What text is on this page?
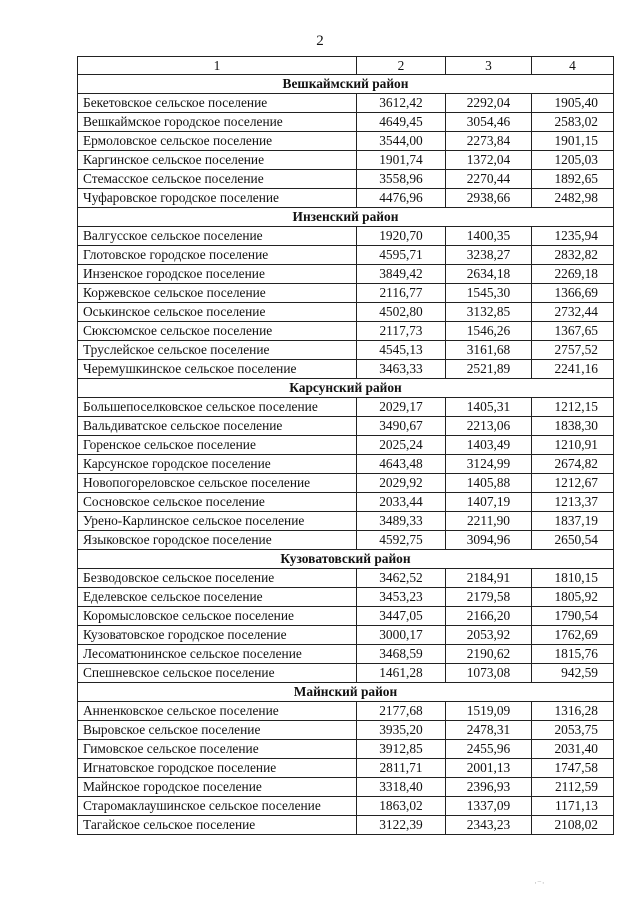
2
1	2	3	4
Вешкаймский район			
Бекетовское сельское поселение	3612,42	2292,04	1905,40
Вешкаймское городское поселение	4649,45	3054,46	2583,02
Ермоловское сельское поселение	3544,00	2273,84	1901,15
Каргинское сельское поселение	1901,74	1372,04	1205,03
Стемасское сельское поселение	3558,96	2270,44	1892,65
Чуфаровское городское поселение	4476,96	2938,66	2482,98
Инзенский район			
Валгусское сельское поселение	1920,70	1400,35	1235,94
Глотовское городское поселение	4595,71	3238,27	2832,82
Инзенское городское поселение	3849,42	2634,18	2269,18
Коржевское сельское поселение	2116,77	1545,30	1366,69
Оськинское сельское поселение	4502,80	3132,85	2732,44
Сюксюмское сельское поселение	2117,73	1546,26	1367,65
Труслейское сельское поселение	4545,13	3161,68	2757,52
Черемушкинское сельское поселение	3463,33	2521,89	2241,16
Карсунский район			
Большепоселковское сельское поселение	2029,17	1405,31	1212,15
Вальдиватское сельское поселение	3490,67	2213,06	1838,30
Горенское сельское поселение	2025,24	1403,49	1210,91
Карсунское городское поселение	4643,48	3124,99	2674,82
Новопогореловское сельское поселение	2029,92	1405,88	1212,67
Сосновское сельское поселение	2033,44	1407,19	1213,37
Урено-Карлинское сельское поселение	3489,33	2211,90	1837,19
Языковское городское поселение	4592,75	3094,96	2650,54
Кузоватовский район			
Безводовское сельское поселение	3462,52	2184,91	1810,15
Еделевское сельское поселение	3453,23	2179,58	1805,92
Коромысловское сельское поселение	3447,05	2166,20	1790,54
Кузоватовское городское поселение	3000,17	2053,92	1762,69
Лесоматюнинское сельское поселение	3468,59	2190,62	1815,76
Спешневское сельское поселение	1461,28	1073,08	942,59
Майнский район			
Анненковское сельское поселение	2177,68	1519,09	1316,28
Выровское сельское поселение	3935,20	2478,31	2053,75
Гимовское сельское поселение	3912,85	2455,96	2031,40
Игнатовское городское поселение	2811,71	2001,13	1747,58
Майнское городское поселение	3318,40	2396,93	2112,59
Старомаклаушинское сельское поселение	1863,02	1337,09	1171,13
Тагайское сельское поселение	3122,39	2343,23	2108,02
·⁻·
